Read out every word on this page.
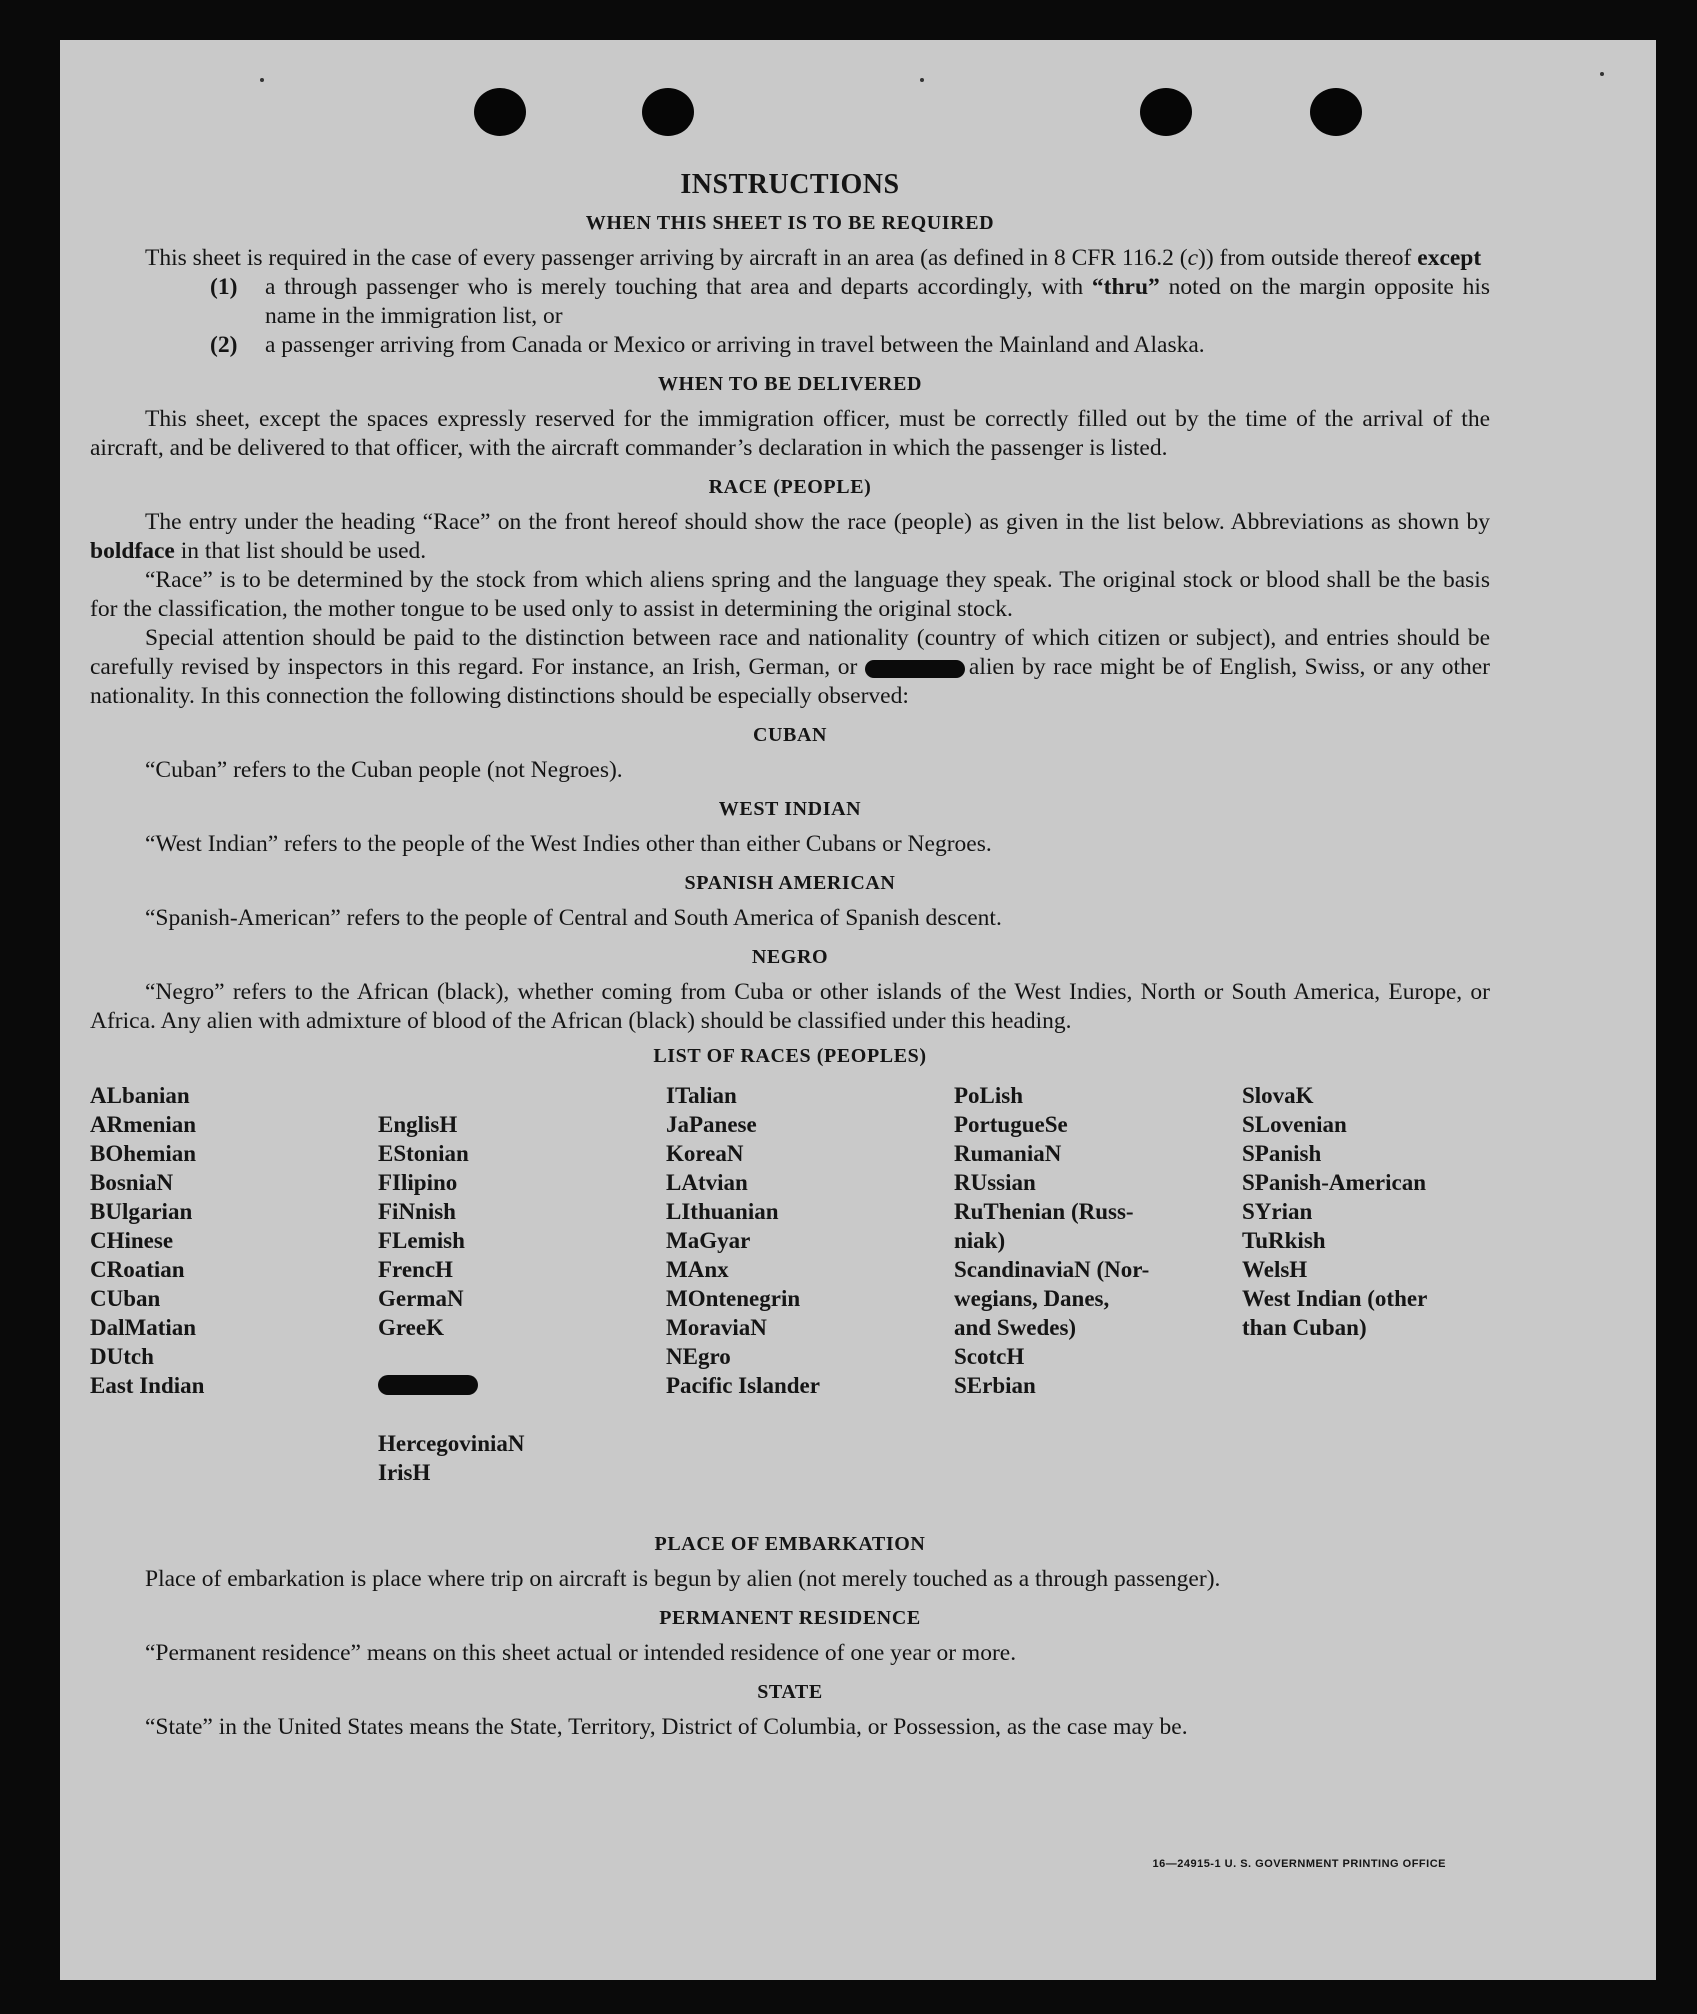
INSTRUCTIONS
WHEN THIS SHEET IS TO BE REQUIRED

This sheet is required in the case of every passenger arriving by aircraft in an area (as defined in 8 CFR 116.2 (c)) from outside thereof except

(1)	a through passenger who is merely touching that area and departs accordingly, with “thru” noted on the margin opposite his name in the immigration list, or

(2)	a passenger arriving from Canada or Mexico or arriving in travel between the Mainland and Alaska.

WHEN TO BE DELIVERED

This sheet, except the spaces expressly reserved for the immigration officer, must be correctly filled out by the time of the arrival of the aircraft, and be delivered to that officer, with the aircraft commander’s declaration in which the passenger is listed.

RACE (PEOPLE)

The entry under the heading “Race” on the front hereof should show the race (people) as given in the list below. Abbreviations as shown by boldface in that list should be used.

“Race” is to be determined by the stock from which aliens spring and the language they speak. The original stock or blood shall be the basis for the classification, the mother tongue to be used only to assist in determining the original stock.

Special attention should be paid to the distinction between race and nationality (country of which citizen or subject), and entries should be carefully revised by inspectors in this regard. For instance, an Irish, German, or	alien by race might be of English, Swiss, or any other nationality. In this connection the following distinctions should be especially observed:

CUBAN

“Cuban” refers to the Cuban people (not Negroes).

WEST INDIAN

“West Indian” refers to the people of the West Indies other than either Cubans or Negroes.

SPANISH AMERICAN

“Spanish-American” refers to the people of Central and South America of Spanish descent.

NEGRO

“Negro” refers to the African (black), whether coming from Cuba or other islands of the West Indies, North or South America, Europe, or Africa. Any alien with admixture of blood of the African (black) should be classified under this heading.

LIST OF RACES (PEOPLES)
ALbanian
ARmenian
BOhemian
BosniaN
BUlgarian
CHinese
CRoatian
CUban
DalMatian
DUtch
East Indian

EnglisH
EStonian
FIlipino
FiNnish
FLemish
FrencH
GermaN
GreeK

HercegoviniaN
IrisH

ITalian
JaPanese
KoreaN
LAtvian
LIthuanian
MaGyar
MAnx
MOntenegrin
MoraviaN
NEgro
Pacific Islander
PoLish
PortugueSe
RumaniaN
RUssian
RuThenian (Russ-
niak)
ScandinaviaN (Nor-
wegians, Danes,
and Swedes)
ScotcH
SErbian
SlovaK
SLovenian
SPanish
SPanish-American
SYrian
TuRkish
WelsH
West Indian (other
than Cuban)
PLACE OF EMBARKATION

Place of embarkation is place where trip on aircraft is begun by alien (not merely touched as a through passenger).

PERMANENT RESIDENCE

“Permanent residence” means on this sheet actual or intended residence of one year or more.

STATE

“State” in the United States means the State, Territory, District of Columbia, or Possession, as the case may be.

16—24915-1 U. S. GOVERNMENT PRINTING OFFICE
